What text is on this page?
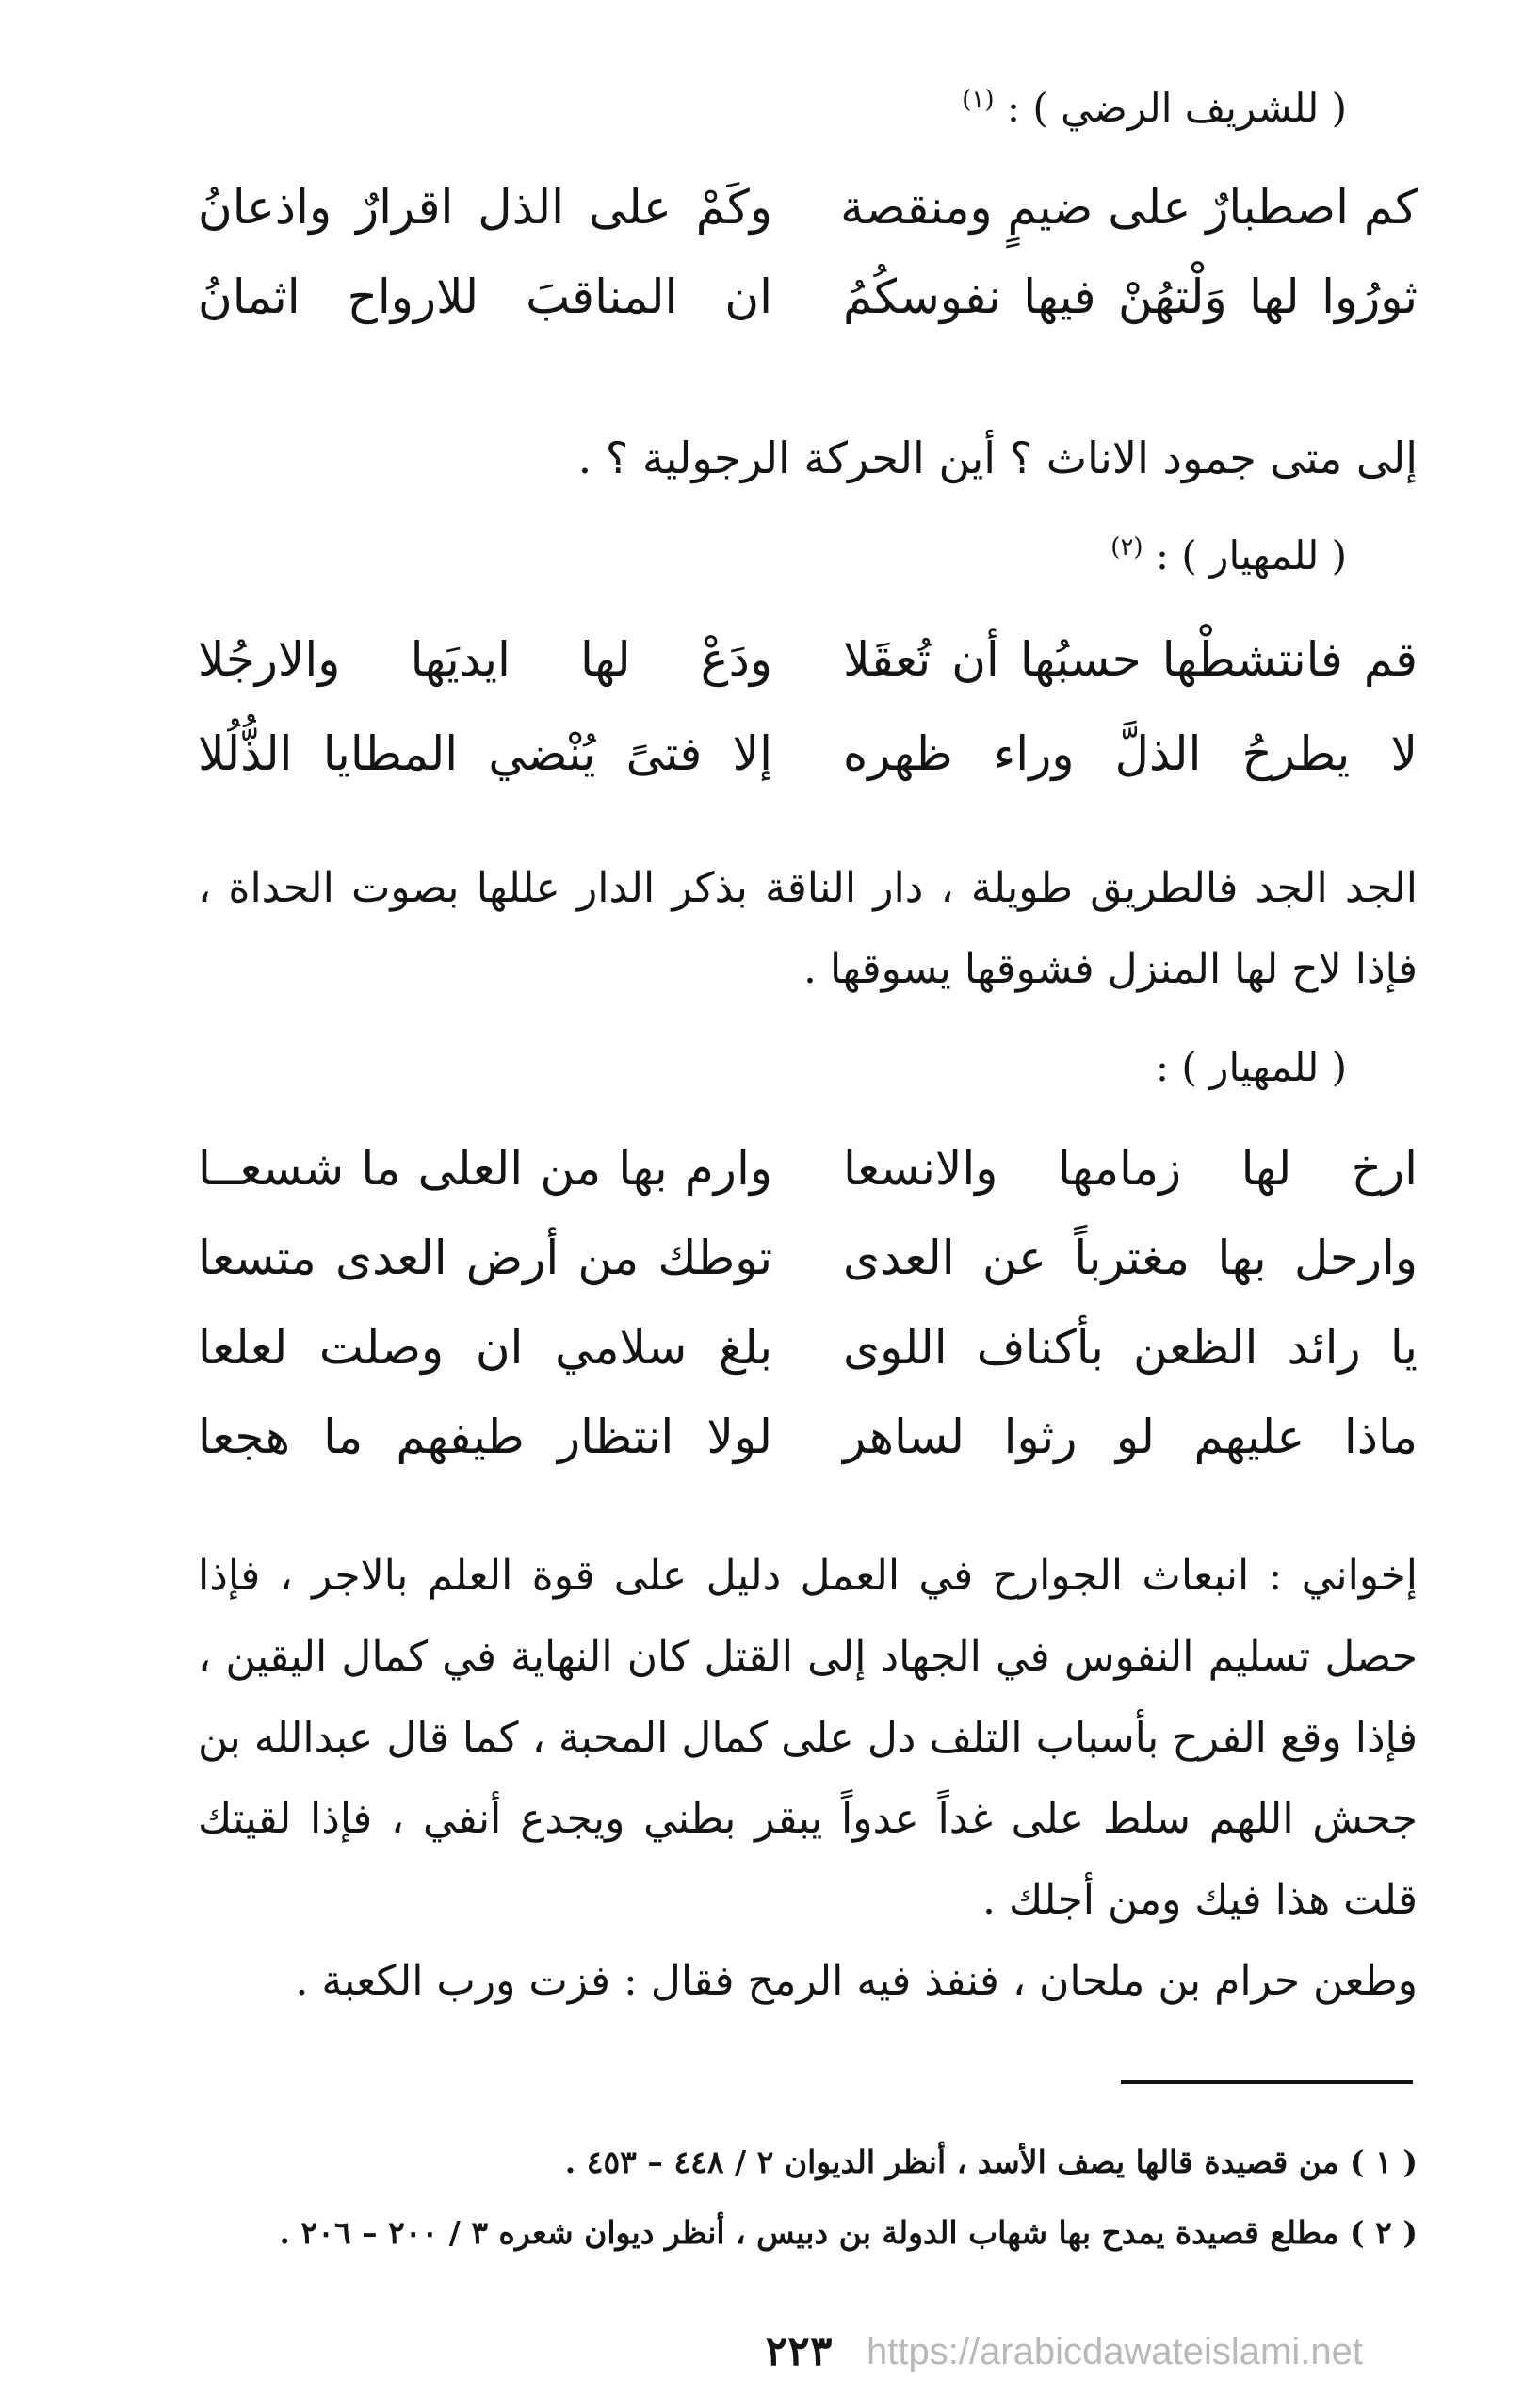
( للشريف الرضي ) : $^{(١)}$
كم اصطبارٌ على ضيمٍ ومنقصة
وكَمْ على الذل اقرارٌ واذعانُ
ثورُوا لها وَلْتهُنْ فيها نفوسكُمُ
ان المناقبَ للارواح اثمانُ
إلى متى جمود الاناث ؟ أين الحركة الرجولية ؟ .
( للمهيار ) : $^{(٢)}$
قم فانتشطْها حسبُها أن تُعقَلا
ودَعْ لها ايديَها والارجُلا
لا يطرحُ الذلَّ وراء ظهره
إلا فتىً يُنْضي المطايا الذُّلُلا
الجد الجد فالطريق طويلة ، دار الناقة بذكر الدار عللها بصوت الحداة ، فإذا لاح لها المنزل فشوقها يسوقها .
( للمهيار ) :
ارخ لها زمامها والانسعا
وارم بها من العلى ما شسعــا
وارحل بها مغترباً عن العدى
توطك من أرض العدى متسعا
يا رائد الظعن بأكناف اللوى
بلغ سلامي ان وصلت لعلعا
ماذا عليهم لو رثوا لساهر
لولا انتظار طيفهم ما هجعا
إخواني : انبعاث الجوارح في العمل دليل على قوة العلم بالاجر ، فإذا حصل تسليم النفوس في الجهاد إلى القتل كان النهاية في كمال اليقين ، فإذا وقع الفرح بأسباب التلف دل على كمال المحبة ، كما قال عبدالله بن جحش اللهم سلط على غداً عدواً يبقر بطني ويجدع أنفي ، فإذا لقيتك قلت هذا فيك ومن أجلك .
وطعن حرام بن ملحان ، فنفذ فيه الرمح فقال : فزت ورب الكعبة .
( ١ ) من قصيدة قالها يصف الأسد ، أنظر الديوان ٢ / ٤٤٨ – ٤٥٣ .
( ٢ ) مطلع قصيدة يمدح بها شهاب الدولة بن دبيس ، أنظر ديوان شعره ٣ / ٢٠٠ – ٢٠٦ .
٢٢٣ https://arabicdawateislami.net
